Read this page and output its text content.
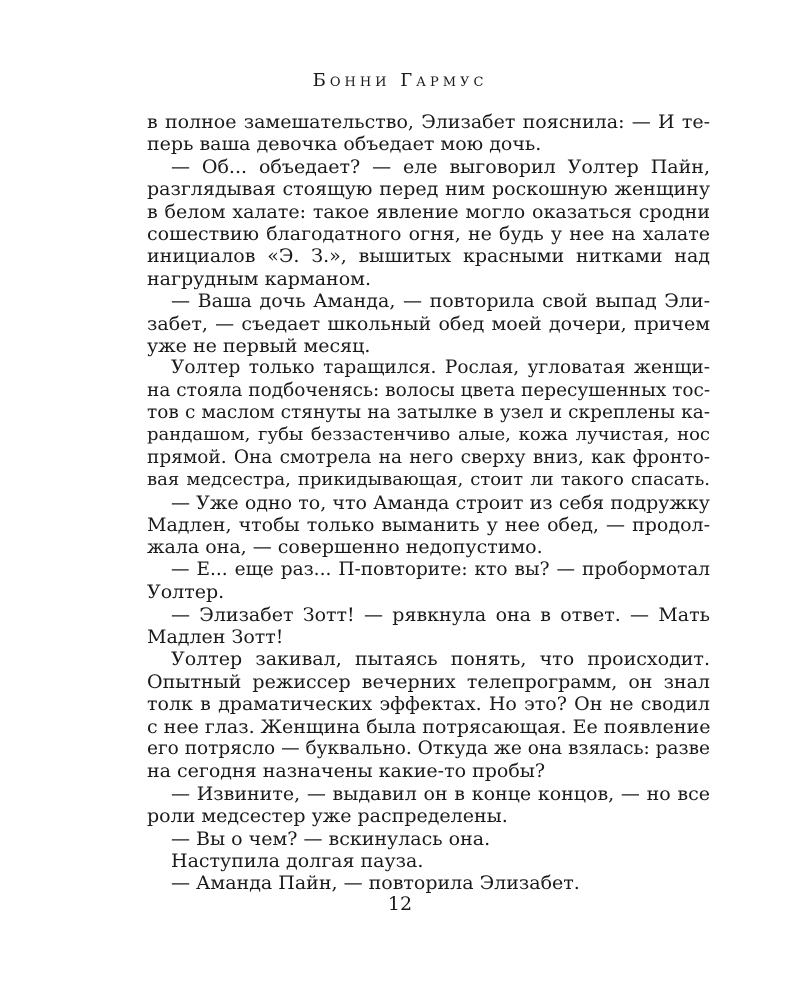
Бонни Гармус
в полное замешательство, Элизабет пояснила: — И те-
перь ваша девочка объедает мою дочь.
— Об... объедает? — еле выговорил Уолтер Пайн,
разглядывая стоящую перед ним роскошную женщину
в белом халате: такое явление могло оказаться сродни
сошествию благодатного огня, не будь у нее на халате
инициалов «Э. З.», вышитых красными нитками над
нагрудным карманом.
— Ваша дочь Аманда, — повторила свой выпад Эли-
забет, — съедает школьный обед моей дочери, причем
уже не первый месяц.
Уолтер только таращился. Рослая, угловатая женщи-
на стояла подбоченясь: волосы цвета пересушенных тос-
тов с маслом стянуты на затылке в узел и скреплены ка-
рандашом, губы беззастенчиво алые, кожа лучистая, нос
прямой. Она смотрела на него сверху вниз, как фронто-
вая медсестра, прикидывающая, стоит ли такого спасать.
— Уже одно то, что Аманда строит из себя подружку
Мадлен, чтобы только выманить у нее обед, — продол-
жала она, — совершенно недопустимо.
— Е... еще раз... П-повторите: кто вы? — пробормотал
Уолтер.
— Элизабет Зотт! — рявкнула она в ответ. — Мать
Мадлен Зотт!
Уолтер закивал, пытаясь понять, что происходит.
Опытный режиссер вечерних телепрограмм, он знал
толк в драматических эффектах. Но это? Он не сводил
с нее глаз. Женщина была потрясающая. Ее появление
его потрясло — буквально. Откуда же она взялась: разве
на сегодня назначены какие-то пробы?
— Извините, — выдавил он в конце концов, — но все
роли медсестер уже распределены.
— Вы о чем? — вскинулась она.
Наступила долгая пауза.
— Аманда Пайн, — повторила Элизабет.
12
